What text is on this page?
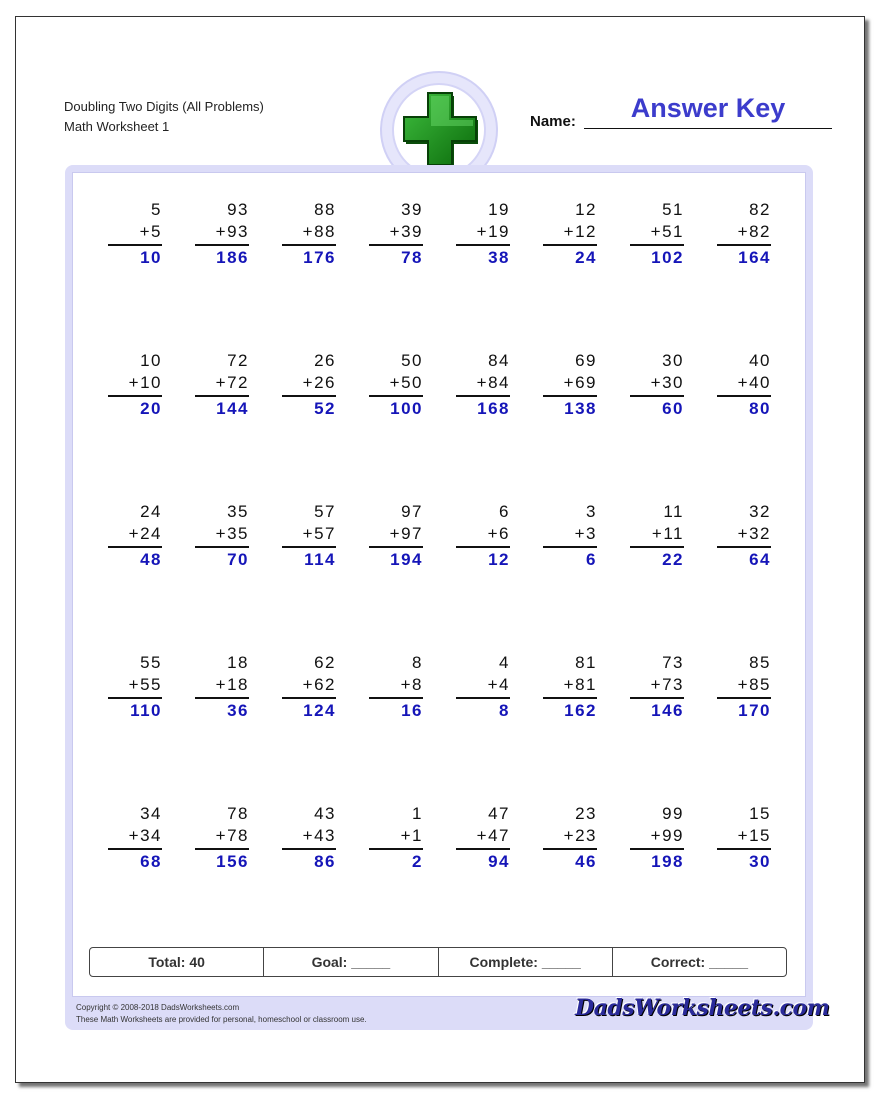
Doubling Two Digits (All Problems)
Math Worksheet 1
Answer Key
Name:
5
+5
10
93
+93
186
88
+88
176
39
+39
78
19
+19
38
12
+12
24
51
+51
102
82
+82
164
10
+10
20
72
+72
144
26
+26
52
50
+50
100
84
+84
168
69
+69
138
30
+30
60
40
+40
80
24
+24
48
35
+35
70
57
+57
114
97
+97
194
6
+6
12
3
+3
6
11
+11
22
32
+32
64
55
+55
110
18
+18
36
62
+62
124
8
+8
16
4
+4
8
81
+81
162
73
+73
146
85
+85
170
34
+34
68
78
+78
156
43
+43
86
1
+1
2
47
+47
94
23
+23
46
99
+99
198
15
+15
30
Total: 40	Goal: _____	Complete: _____	Correct: _____
Copyright © 2008-2018 DadsWorksheets.com
These Math Worksheets are provided for personal, homeschool or classroom use.	DadsWorksheets.com
